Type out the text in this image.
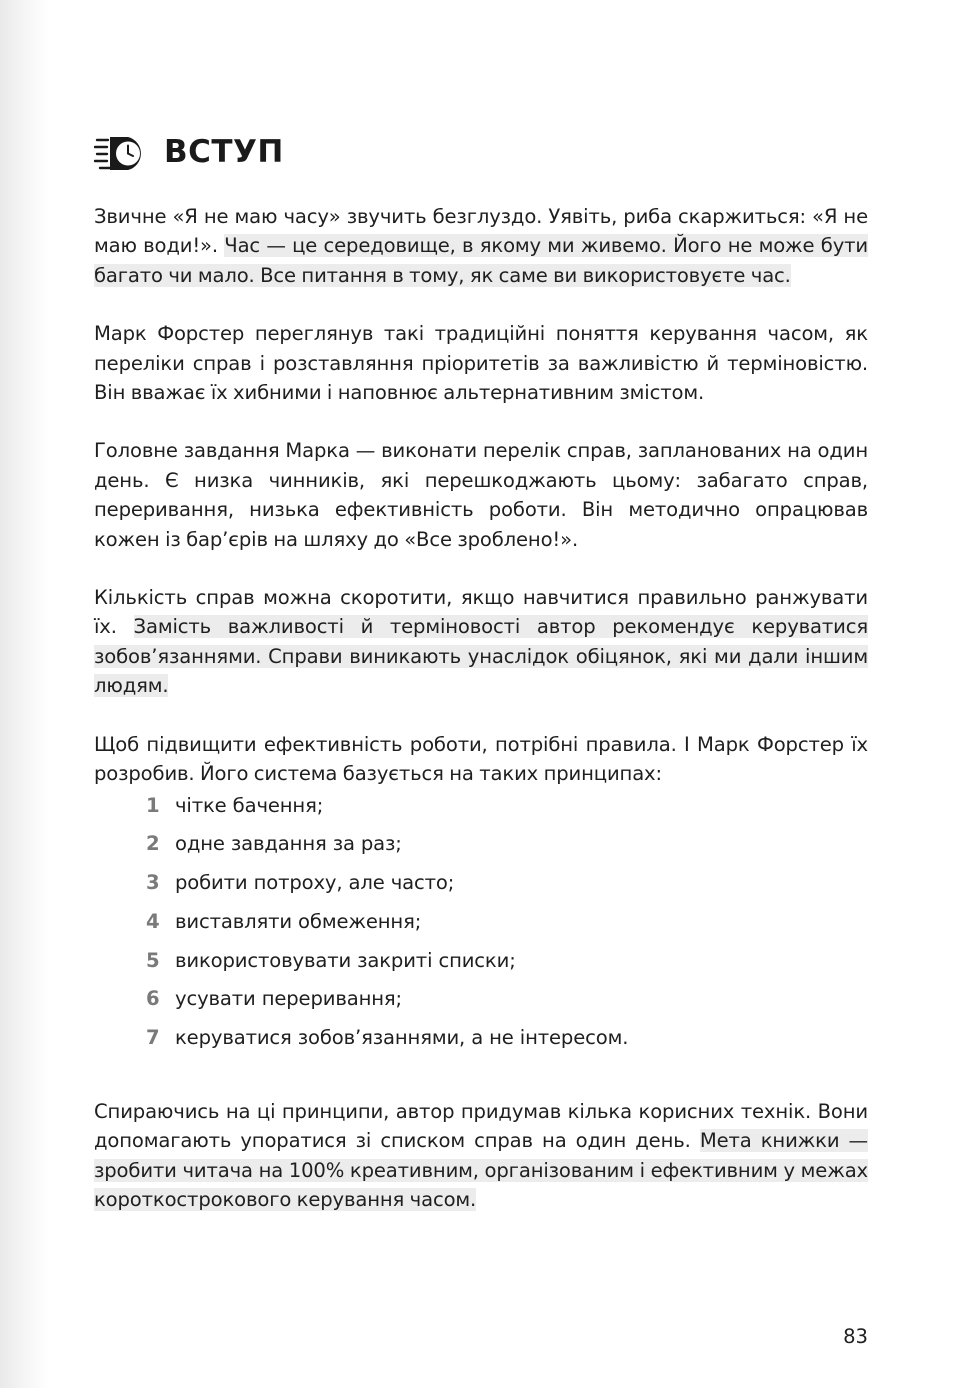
ВСТУП

Звичне «Я не маю часу» звучить безглуздо. Уявіть, риба скаржиться: «Я не маю води!». Час — це середовище, в якому ми живемо. Його не може бути багато чи мало. Все питання в тому, як саме ви використовуєте час.

Марк Форстер переглянув такі традиційні поняття керування часом, як переліки справ і розставляння пріоритетів за важливістю й терміновістю. Він вважає їх хибними і наповнює альтернативним змістом.

Головне завдання Марка — виконати перелік справ, запланованих на один день. Є низка чинників, які перешкоджають цьому: забагато справ, переривання, низька ефективність роботи. Він методично опрацював кожен із бар’єрів на шляху до «Все зроблено!».

Кількість справ можна скоротити, якщо навчитися правильно ранжувати їх. Замість важливості й терміновості автор рекомендує керуватися зобов’язаннями. Справи виникають унаслідок обіцянок, які ми дали іншим людям.

Щоб підвищити ефективність роботи, потрібні правила. І Марк Форстер їх розробив. Його система базується на таких принципах:

1 чітке бачення;
2 одне завдання за раз;
3 робити потроху, але часто;
4 виставляти обмеження;
5 використовувати закриті списки;
6 усувати переривання;
7 керуватися зобов’язаннями, а не інтересом.

Спираючись на ці принципи, автор придумав кілька корисних технік. Вони допомагають упоратися зі списком справ на один день. Мета книжки — зробити читача на 100% креативним, організованим і ефективним у межах короткострокового керування часом.

83
